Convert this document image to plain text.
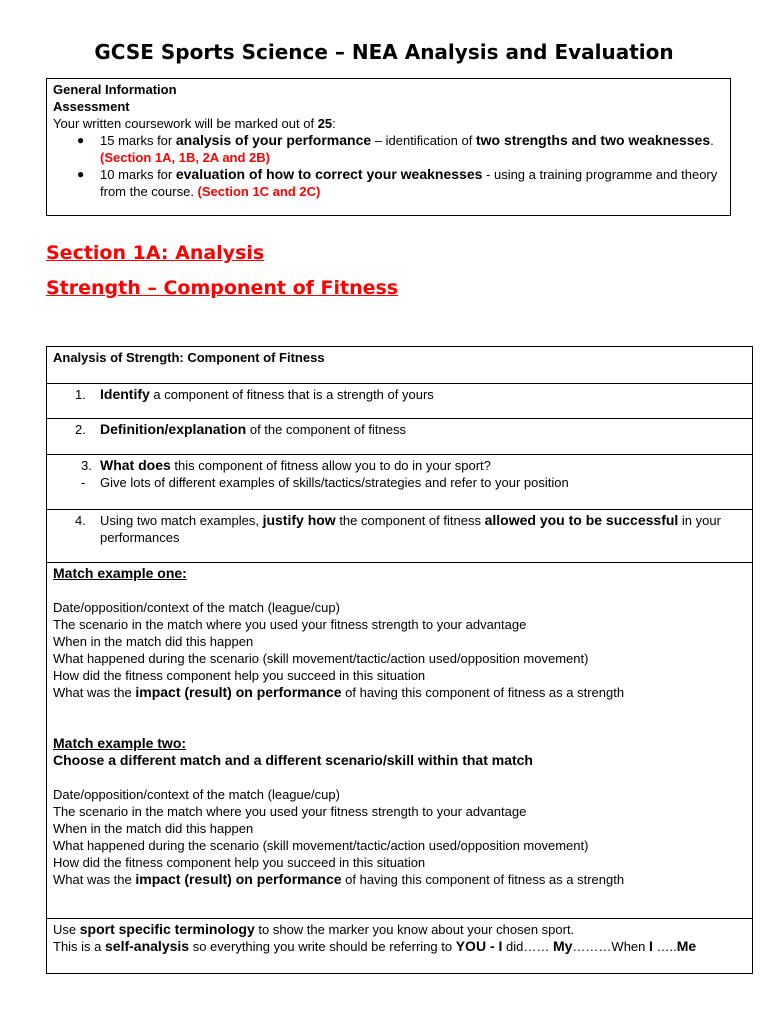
GCSE Sports Science – NEA Analysis and Evaluation
General Information
Assessment
Your written coursework will be marked out of 25:
● 15 marks for analysis of your performance – identification of two strengths and two weaknesses.
(Section 1A, 1B, 2A and 2B)
● 10 marks for evaluation of how to correct your weaknesses - using a training programme and theory from the course. (Section 1C and 2C)
Section 1A: Analysis
Strength – Component of Fitness
Analysis of Strength: Component of Fitness
1.	Identify a component of fitness that is a strength of yours
2.	Definition/explanation of the component of fitness
3. What does this component of fitness allow you to do in your sport?
-	Give lots of different examples of skills/tactics/strategies and refer to your position
4.	Using two match examples, justify how the component of fitness allowed you to be successful in your performances
Match example one:
Date/opposition/context of the match (league/cup)
The scenario in the match where you used your fitness strength to your advantage
When in the match did this happen
What happened during the scenario (skill movement/tactic/action used/opposition movement)
How did the fitness component help you succeed in this situation
What was the impact (result) on performance of having this component of fitness as a strength
Match example two:
Choose a different match and a different scenario/skill within that match
Date/opposition/context of the match (league/cup)
The scenario in the match where you used your fitness strength to your advantage
When in the match did this happen
What happened during the scenario (skill movement/tactic/action used/opposition movement)
How did the fitness component help you succeed in this situation
What was the impact (result) on performance of having this component of fitness as a strength
Use sport specific terminology to show the marker you know about your chosen sport.
This is a self-analysis so everything you write should be referring to YOU - I did…… My………When I …..Me
